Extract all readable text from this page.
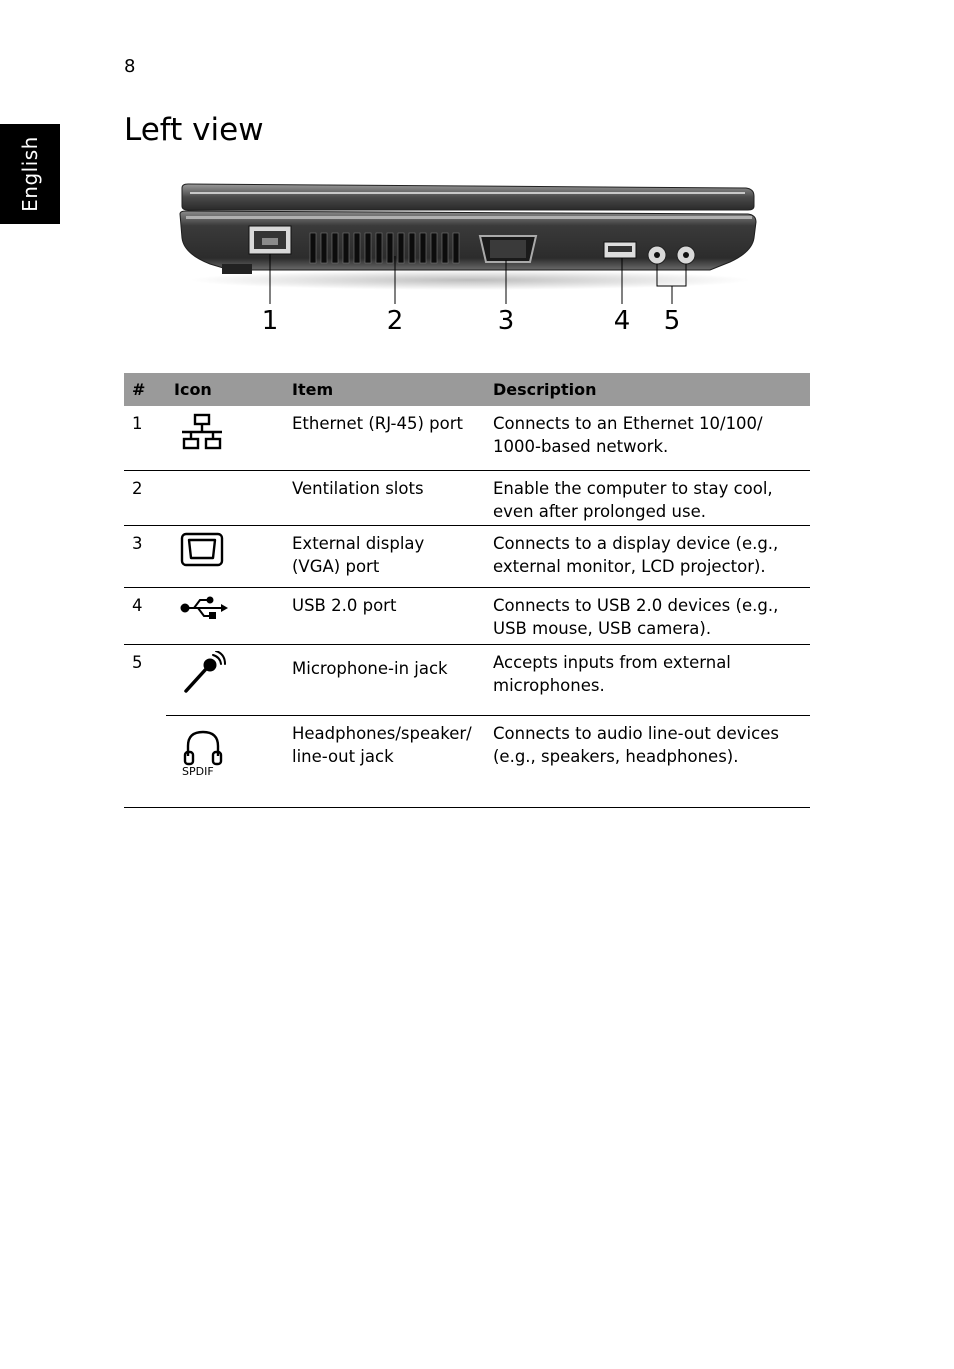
8
English
Left view
1	2	3	4 5
#	Icon	Item	Description
1		Ethernet (RJ-45) port	Connects to an Ethernet 10/100/ 1000-based network.
2		Ventilation slots	Enable the computer to stay cool, even after prolonged use.
3		External display (VGA) port	Connects to a display device (e.g., external monitor, LCD projector).
4		USB 2.0 port	Connects to USB 2.0 devices (e.g., USB mouse, USB camera).
5		Microphone-in jack	Accepts inputs from external microphones.

	SPDIF	Headphones/speaker/ line-out jack	Connects to audio line-out devices (e.g., speakers, headphones).
